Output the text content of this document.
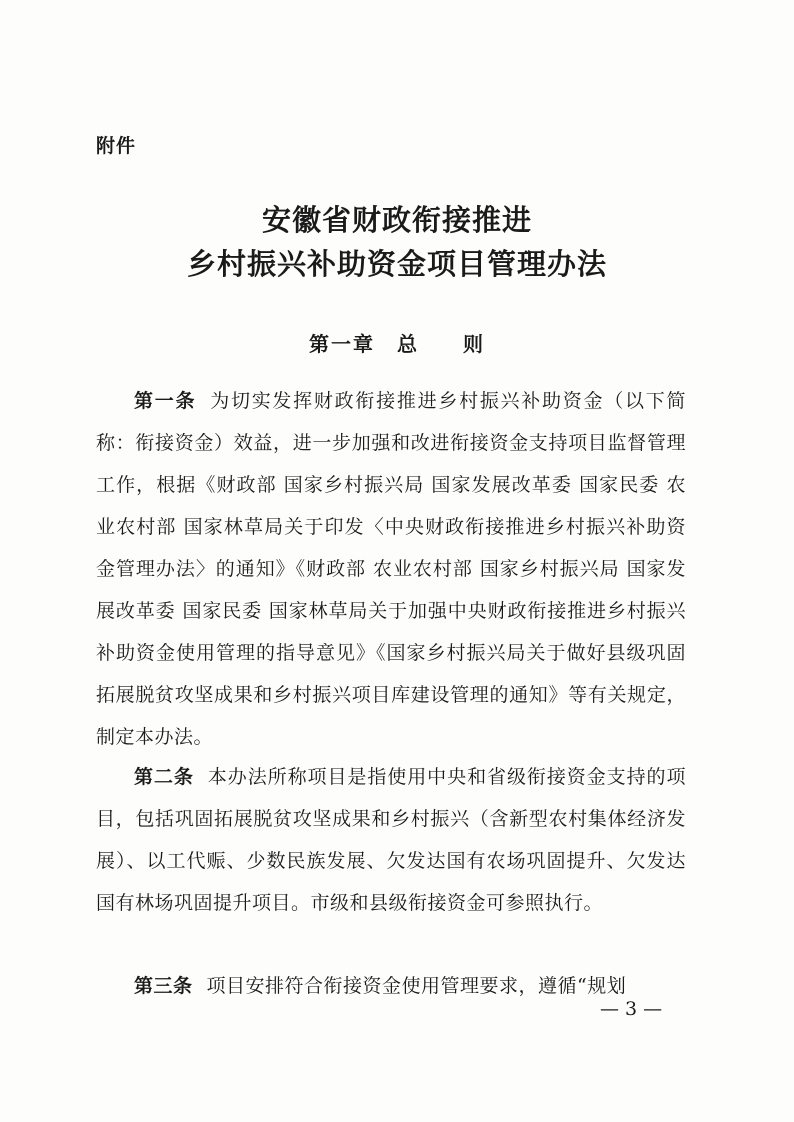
附件
安徽省财政衔接推进
乡村振兴补助资金项目管理办法
第一章　总　　则

第一条 为切实发挥财政衔接推进乡村振兴补助资金（以下简称：衔接资金）效益，进一步加强和改进衔接资金支持项目监督管理工作，根据《财政部 国家乡村振兴局 国家发展改革委 国家民委 农业农村部 国家林草局关于印发〈中央财政衔接推进乡村振兴补助资金管理办法〉的通知》《财政部 农业农村部 国家乡村振兴局 国家发展改革委 国家民委 国家林草局关于加强中央财政衔接推进乡村振兴补助资金使用管理的指导意见》《国家乡村振兴局关于做好县级巩固拓展脱贫攻坚成果和乡村振兴项目库建设管理的通知》等有关规定，制定本办法。

第二条 本办法所称项目是指使用中央和省级衔接资金支持的项目，包括巩固拓展脱贫攻坚成果和乡村振兴（含新型农村集体经济发展）、以工代赈、少数民族发展、欠发达国有农场巩固提升、欠发达国有林场巩固提升项目。市级和县级衔接资金可参照执行。

第三条 项目安排符合衔接资金使用管理要求，遵循“规划

— 3 —
